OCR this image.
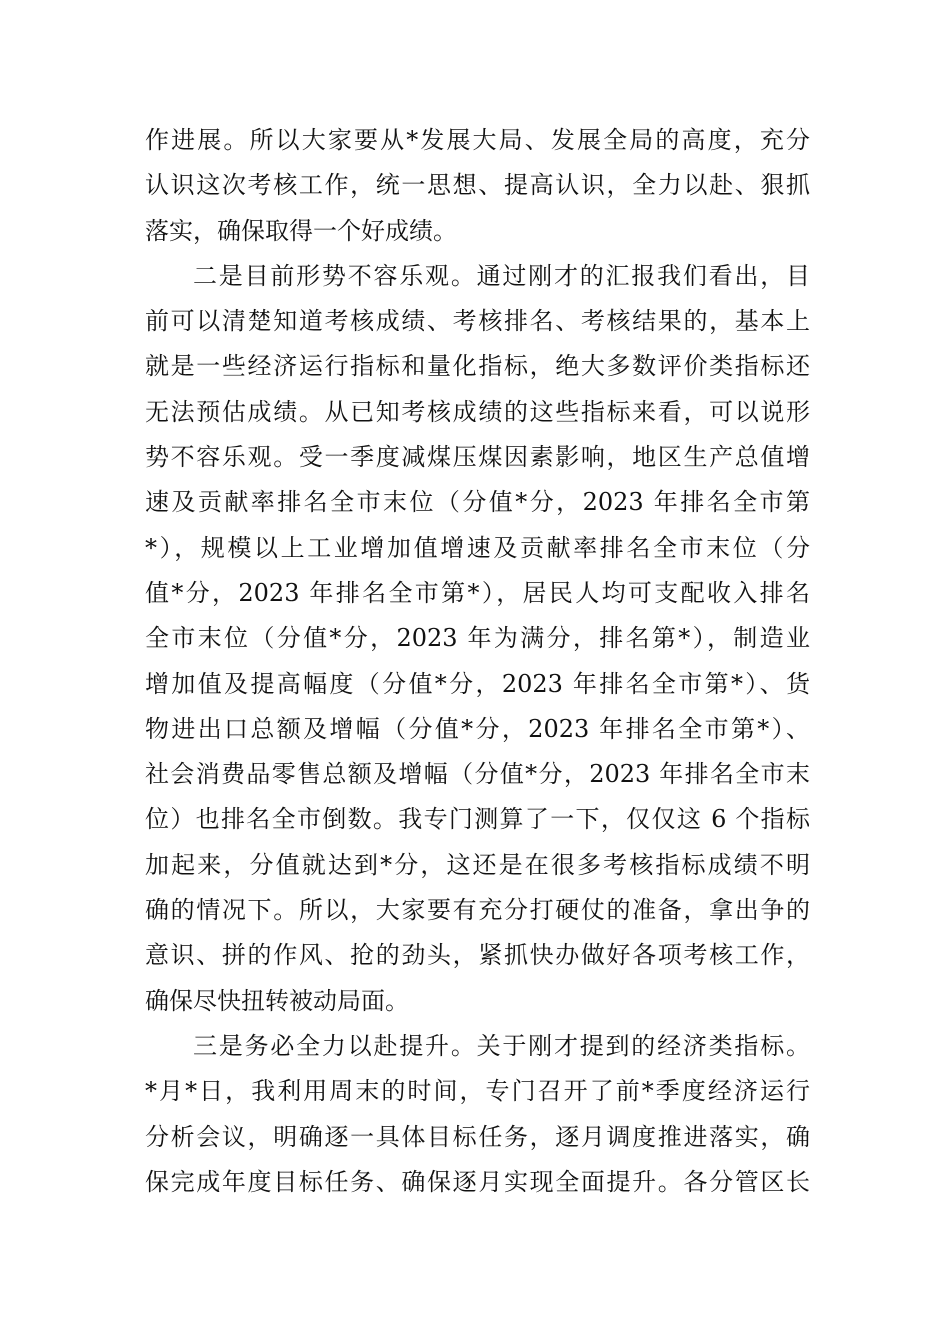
作进展。所以大家要从*发展大局、发展全局的高度，充分
认识这次考核工作，统一思想、提高认识，全力以赴、狠抓
落实，确保取得一个好成绩。
二是目前形势不容乐观。通过刚才的汇报我们看出，目
前可以清楚知道考核成绩、考核排名、考核结果的，基本上
就是一些经济运行指标和量化指标，绝大多数评价类指标还
无法预估成绩。从已知考核成绩的这些指标来看，可以说形
势不容乐观。受一季度减煤压煤因素影响，地区生产总值增
速及贡献率排名全市末位（分值*分，2023 年排名全市第
*），规模以上工业增加值增速及贡献率排名全市末位（分
值*分，2023 年排名全市第*），居民人均可支配收入排名
全市末位（分值*分，2023 年为满分，排名第*），制造业
增加值及提高幅度（分值*分，2023 年排名全市第*）、货
物进出口总额及增幅（分值*分，2023 年排名全市第*）、
社会消费品零售总额及增幅（分值*分，2023 年排名全市末
位）也排名全市倒数。我专门测算了一下，仅仅这 6 个指标
加起来，分值就达到*分，这还是在很多考核指标成绩不明
确的情况下。所以，大家要有充分打硬仗的准备，拿出争的
意识、拼的作风、抢的劲头，紧抓快办做好各项考核工作，
确保尽快扭转被动局面。
三是务必全力以赴提升。关于刚才提到的经济类指标。
*月*日，我利用周末的时间，专门召开了前*季度经济运行
分析会议，明确逐一具体目标任务，逐月调度推进落实，确
保完成年度目标任务、确保逐月实现全面提升。各分管区长
